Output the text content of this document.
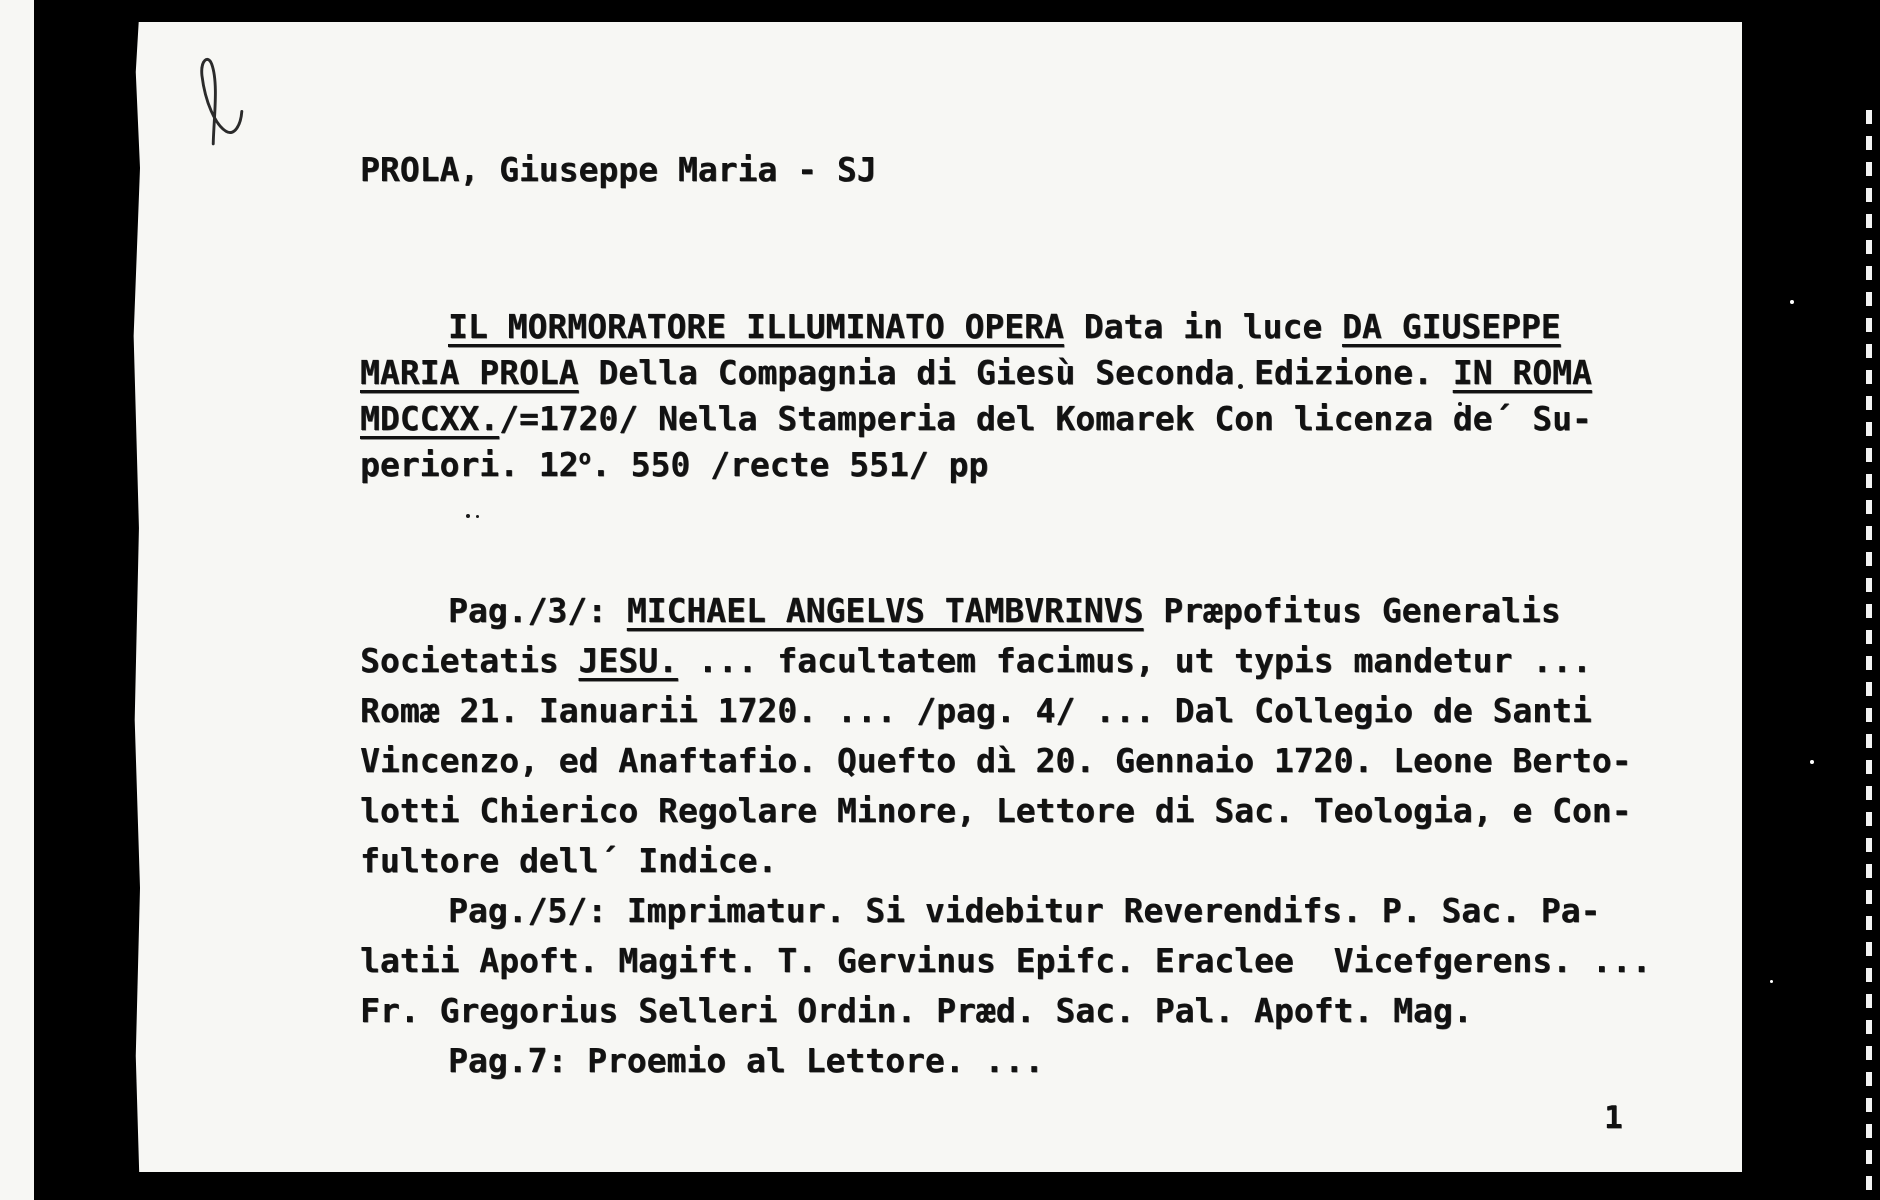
PROLA, Giuseppe Maria - SJ
IL MORMORATORE ILLUMINATO OPERA Data in luce DA GIUSEPPE
MARIA PROLA Della Compagnia di Giesù Seconda Edizione. IN ROMA
MDCCXX./=1720/ Nella Stamperia del Komarek Con licenza de´ Su-
periori. 12$^o$. 550 /recte 551/ pp
Pag./3/: MICHAEL ANGELVS TAMBVRINVS Præpofitus Generalis
Societatis JESU. ... facultatem facimus, ut typis mandetur ...
Romæ 21. Ianuarii 1720. ... /pag. 4/ ... Dal Collegio de Santi
Vincenzo, ed Anaftafio. Quefto dì 20. Gennaio 1720. Leone Berto-
lotti Chierico Regolare Minore, Lettore di Sac. Teologia, e Con-
fultore dell´ Indice.
Pag./5/: Imprimatur. Si videbitur Reverendifs. P. Sac. Pa-
latii Apoft. Magift. T. Gervinus Epifc. Eraclee  Vicefgerens. ...
Fr. Gregorius Selleri Ordin. Præd. Sac. Pal. Apoft. Mag.
Pag.7: Proemio al Lettore. ...
1
